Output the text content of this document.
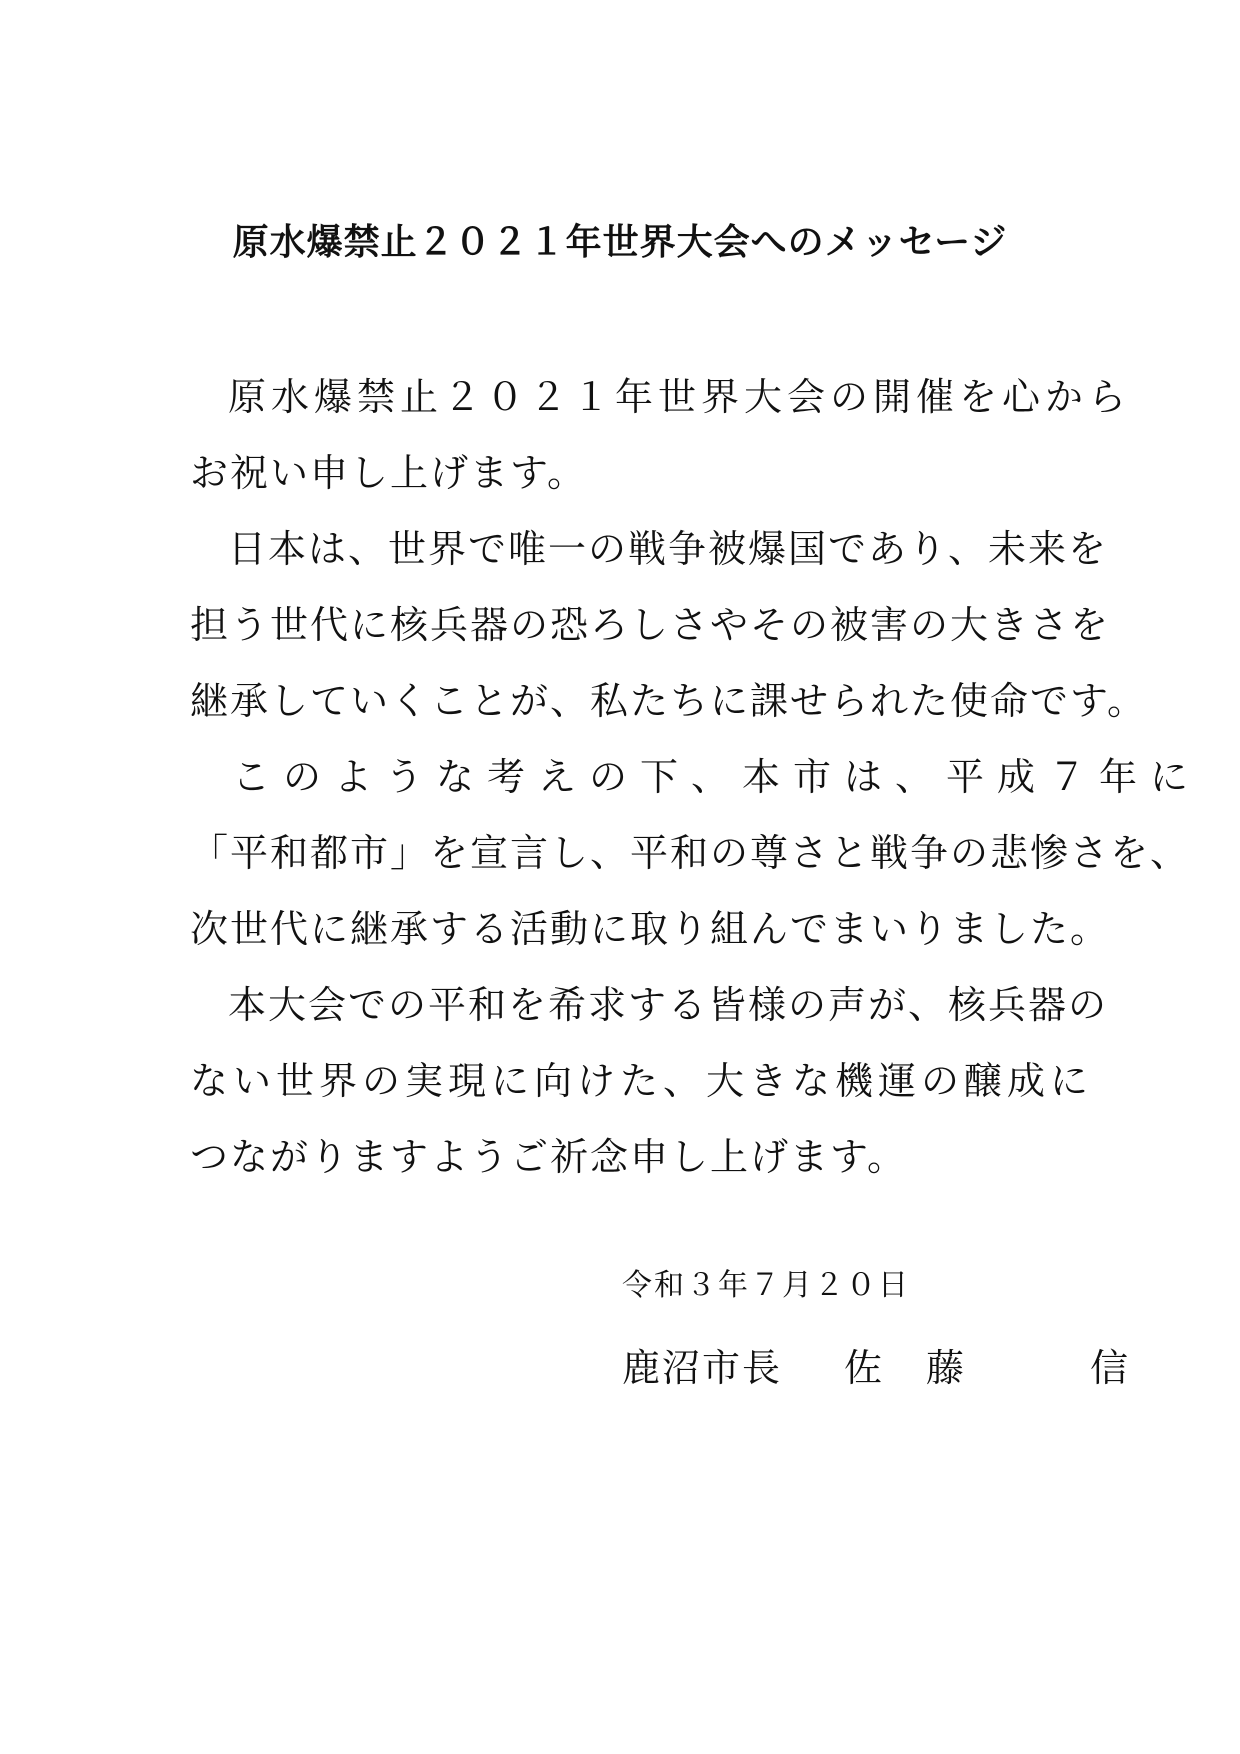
原水爆禁止２０２１年世界大会へのメッセージ
原水爆禁止２０２１年世界大会の開催を心から
お祝い申し上げます。
日本は、世界で唯一の戦争被爆国であり、未来を
担う世代に核兵器の恐ろしさやその被害の大きさを
継承していくことが、私たちに課せられた使命です。
このような考えの下、本市は、平成７年に
「平和都市」を宣言し、平和の尊さと戦争の悲惨さを、
次世代に継承する活動に取り組んでまいりました。
本大会での平和を希求する皆様の声が、核兵器の
ない世界の実現に向けた、大きな機運の醸成に
つながりますようご祈念申し上げます。
令和３年７月２０日
鹿沼市長 佐藤　信
